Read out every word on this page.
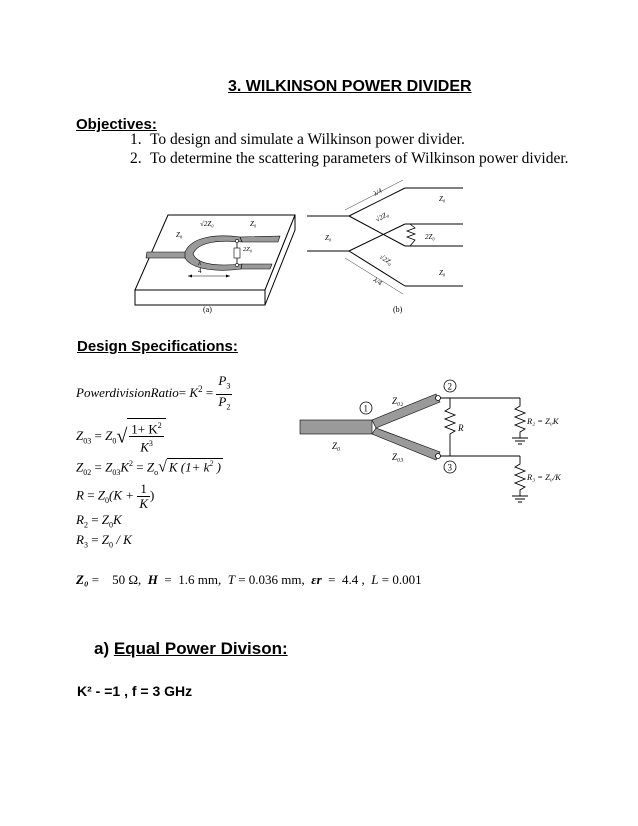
3. WILKINSON POWER DIVIDER
Objectives:
1. To design and simulate a Wilkinson power divider.
2. To determine the scattering parameters of Wilkinson power divider.
λ
4
Z₀
√2Z₀	Z₀
2Z₀
(a)
λ/4
λ/4
√2Z₀
√2Z₀
Z₀
Z₀
Z₀
2Z₀
(b)
Design Specifications:
PowerdivisionRatio= $K^2 = \frac{P_3}{P_2}$
$Z_{03} = Z_0√ \frac{1+ K^2}{K^3}$
$Z_{02} = Z_{03}K^2 = Z_o√$ K ($1+ k^2$ )
$R = Z_0(K + \frac{1}{K}$ )
$R_2 = Z_0K$
$R_3 = Z_0 / K$
1
2
3
Z₀₂
Z₀₃
Z₀
R
R₂ = Z₀K
R₃ = Z₀/K
Z₀ =    50 Ω, H  =  1.6 mm, T = 0.036 mm, εr  =  4.4 , L = 0.001
a) Equal Power Divison:
K² - =1 , f = 3 GHz
